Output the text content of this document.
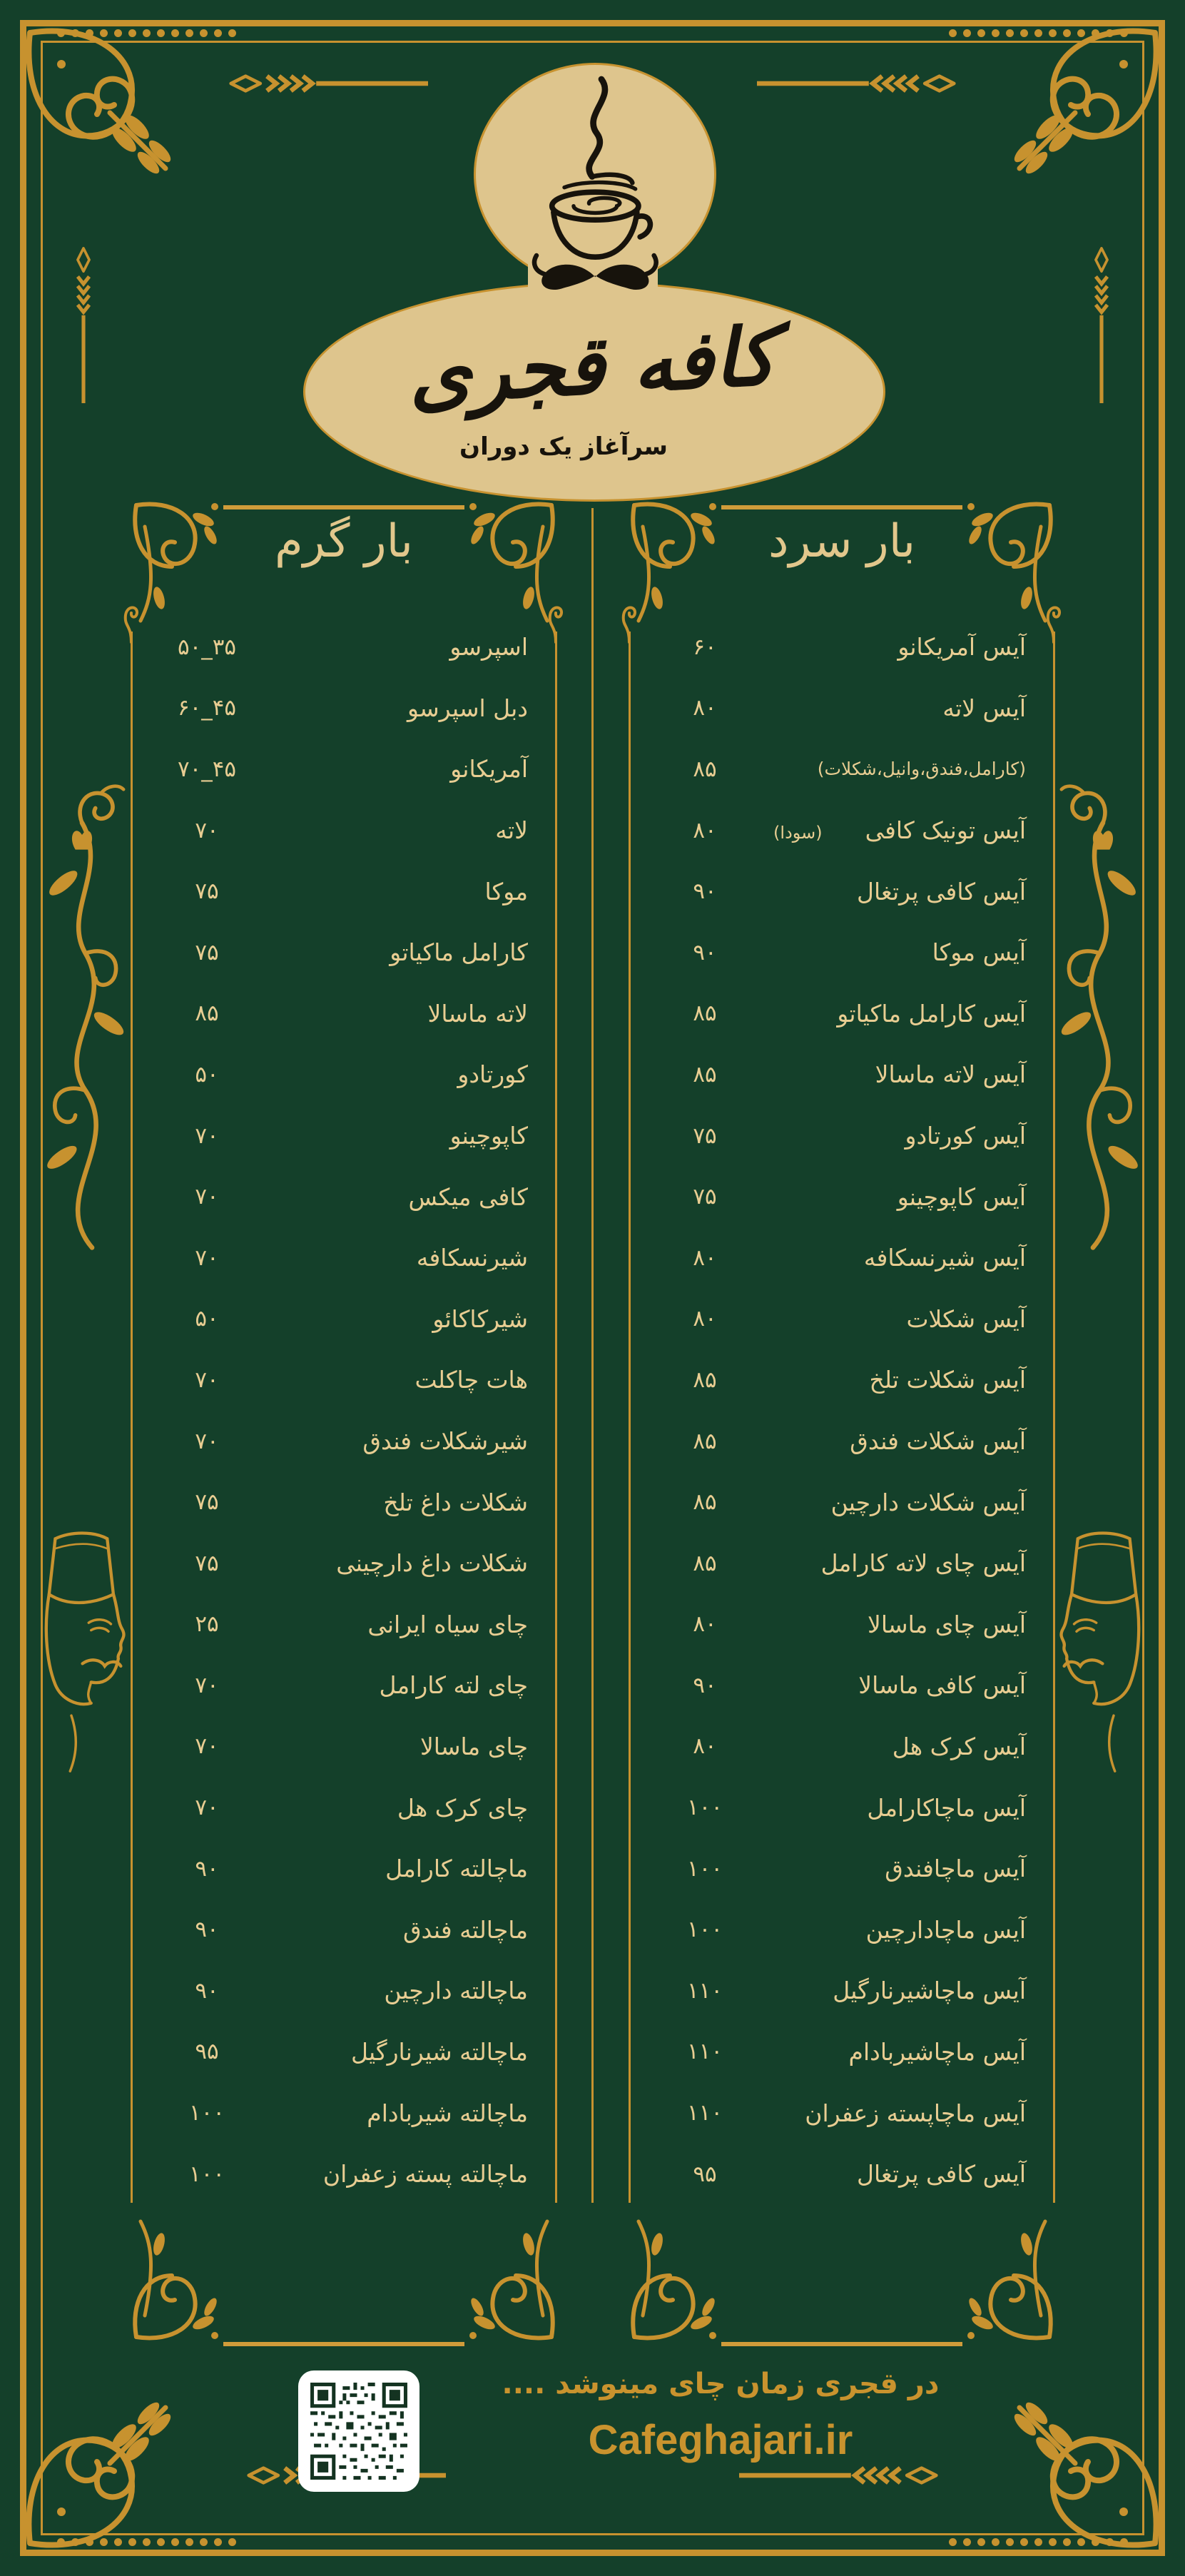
کافه قجری
سرآغاز یک دوران
بار گرم
۵۰_۳۵	اسپرسو
۶۰_۴۵	دبل اسپرسو
۷۰_۴۵	آمریکانو
۷۰	لاته
۷۵	موکا
۷۵	کارامل ماکیاتو
۸۵	لاته ماسالا
۵۰	کورتادو
۷۰	کاپوچینو
۷۰	کافی میکس
۷۰	شیرنسکافه
۵۰	شیرکاکائو
۷۰	هات چاکلت
۷۰	شیرشکلات فندق
۷۵	شکلات داغ تلخ
۷۵	شکلات داغ دارچینی
۲۵	چای سیاه ایرانی
۷۰	چای لته کارامل
۷۰	چای ماسالا
۷۰	چای کرک هل
۹۰	ماچالته کارامل
۹۰	ماچالته فندق
۹۰	ماچالته دارچین
۹۵	ماچالته شیرنارگیل
۱۰۰	ماچالته شیربادام
۱۰۰	ماچالته پسته زعفران
بار سرد
۶۰	آیس آمریکانو
۸۰	آیس لاته
۸۵	(کارامل،فندق،وانیل،شکلات)
۸۰	آیس تونیک کافی
(سودا)
۹۰	آیس کافی پرتغال
۹۰	آیس موکا
۸۵	آیس کارامل ماکیاتو
۸۵	آیس لاته ماسالا
۷۵	آیس کورتادو
۷۵	آیس کاپوچینو
۸۰	آیس شیرنسکافه
۸۰	آیس شکلات
۸۵	آیس شکلات تلخ
۸۵	آیس شکلات فندق
۸۵	آیس شکلات دارچین
۸۵	آیس چای لاته کارامل
۸۰	آیس چای ماسالا
۹۰	آیس کافی ماسالا
۸۰	آیس کرک هل
۱۰۰	آیس ماچاکارامل
۱۰۰	آیس ماچافندق
۱۰۰	آیس ماچادارچین
۱۱۰	آیس ماچاشیرنارگیل
۱۱۰	آیس ماچاشیربادام
۱۱۰	آیس ماچاپسته زعفران
۹۵	آیس کافی پرتغال
در قجری زمان چای مینوشد ....
Cafeghajari.ir
